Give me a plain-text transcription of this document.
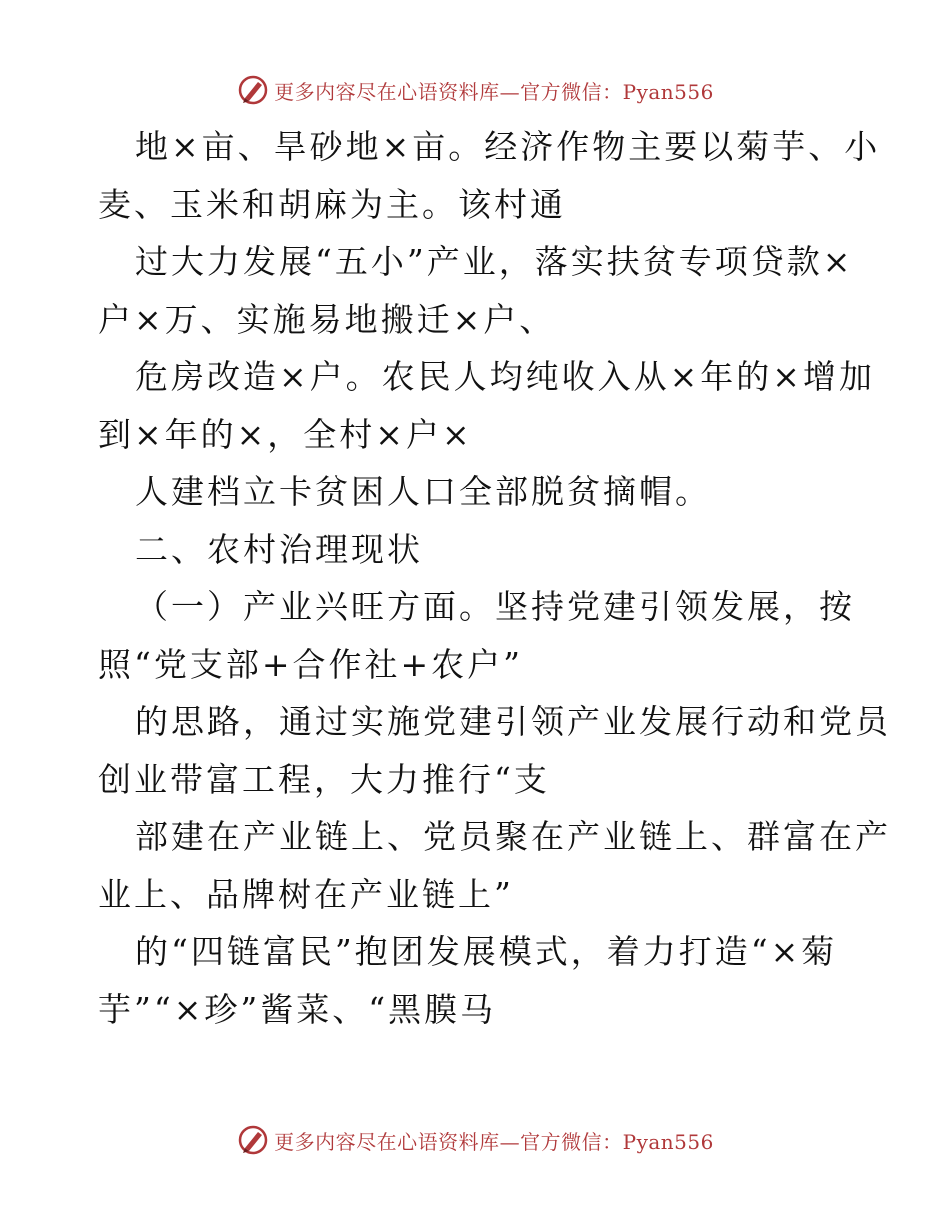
更多内容尽在心语资料库—官方微信：Pyan556
地×亩、旱砂地×亩。经济作物主要以菊芋、小
麦、玉米和胡麻为主。该村通
过大力发展“五小”产业，落实扶贫专项贷款×
户×万、实施易地搬迁×户、
危房改造×户。农民人均纯收入从×年的×增加
到×年的×，全村×户×
人建档立卡贫困人口全部脱贫摘帽。
二、农村治理现状
（一）产业兴旺方面。坚持党建引领发展，按
照“党支部+合作社+农户”
的思路，通过实施党建引领产业发展行动和党员
创业带富工程，大力推行“支
部建在产业链上、党员聚在产业链上、群富在产
业上、品牌树在产业链上”
的“四链富民”抱团发展模式，着力打造“×菊
芋”“×珍”酱菜、“黑膜马
更多内容尽在心语资料库—官方微信：Pyan556
